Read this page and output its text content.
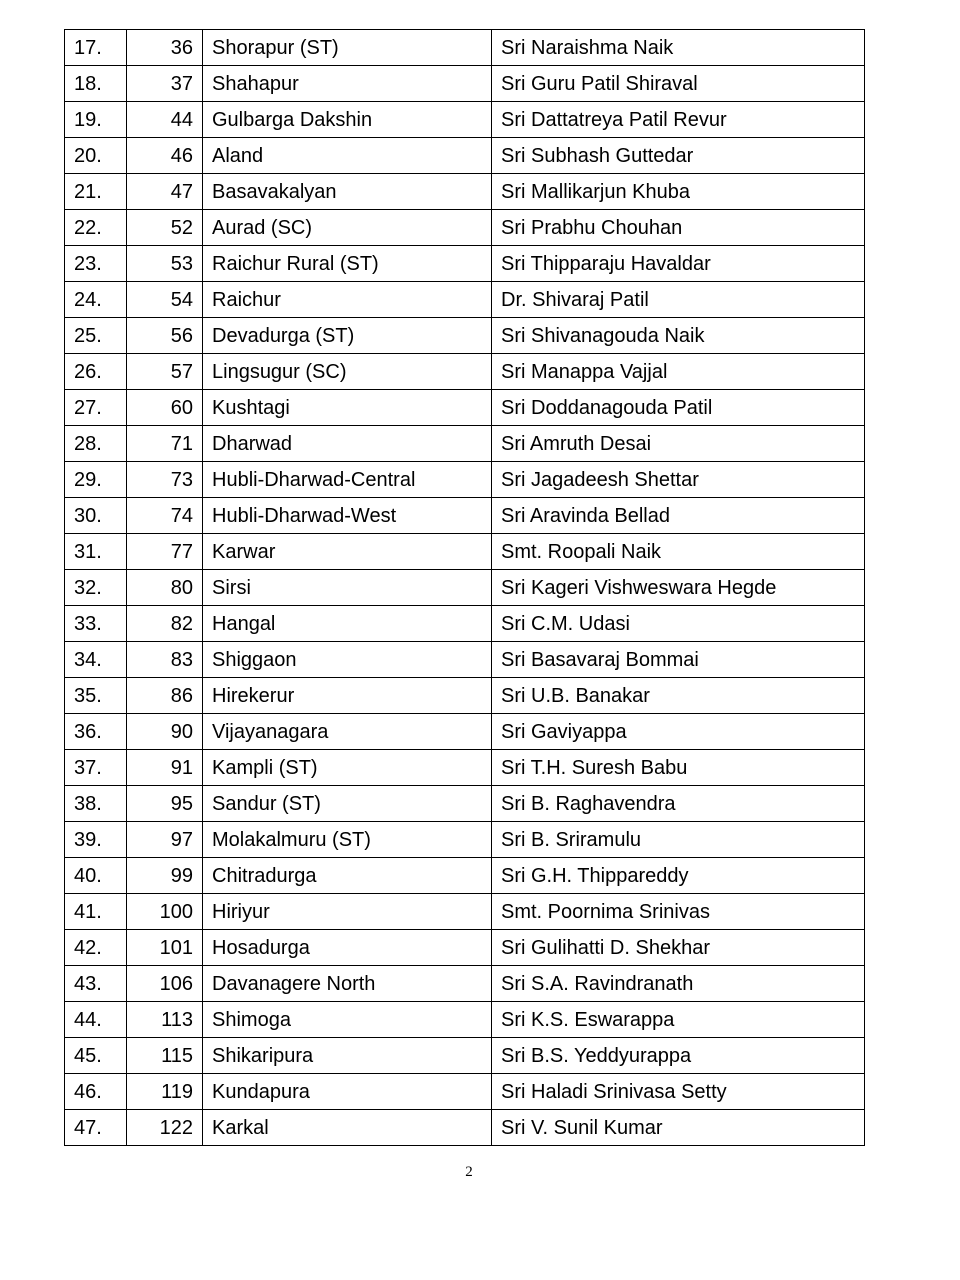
17.	36	Shorapur (ST)	Sri Naraishma Naik
18.	37	Shahapur	Sri Guru Patil Shiraval
19.	44	Gulbarga Dakshin	Sri Dattatreya Patil Revur
20.	46	Aland	Sri Subhash Guttedar
21.	47	Basavakalyan	Sri Mallikarjun Khuba
22.	52	Aurad (SC)	Sri Prabhu Chouhan
23.	53	Raichur Rural (ST)	Sri Thipparaju Havaldar
24.	54	Raichur	Dr. Shivaraj Patil
25.	56	Devadurga (ST)	Sri Shivanagouda Naik
26.	57	Lingsugur (SC)	Sri Manappa Vajjal
27.	60	Kushtagi	Sri Doddanagouda Patil
28.	71	Dharwad	Sri Amruth Desai
29.	73	Hubli-Dharwad-Central	Sri Jagadeesh Shettar
30.	74	Hubli-Dharwad-West	Sri Aravinda Bellad
31.	77	Karwar	Smt. Roopali Naik
32.	80	Sirsi	Sri Kageri Vishweswara Hegde
33.	82	Hangal	Sri C.M. Udasi
34.	83	Shiggaon	Sri Basavaraj Bommai
35.	86	Hirekerur	Sri U.B. Banakar
36.	90	Vijayanagara	Sri Gaviyappa
37.	91	Kampli (ST)	Sri T.H. Suresh Babu
38.	95	Sandur (ST)	Sri B. Raghavendra
39.	97	Molakalmuru (ST)	Sri B. Sriramulu
40.	99	Chitradurga	Sri G.H. Thippareddy
41.	100	Hiriyur	Smt. Poornima Srinivas
42.	101	Hosadurga	Sri Gulihatti D. Shekhar
43.	106	Davanagere North	Sri S.A. Ravindranath
44.	113	Shimoga	Sri K.S. Eswarappa
45.	115	Shikaripura	Sri B.S. Yeddyurappa
46.	119	Kundapura	Sri Haladi Srinivasa Setty
47.	122	Karkal	Sri V. Sunil Kumar
2
